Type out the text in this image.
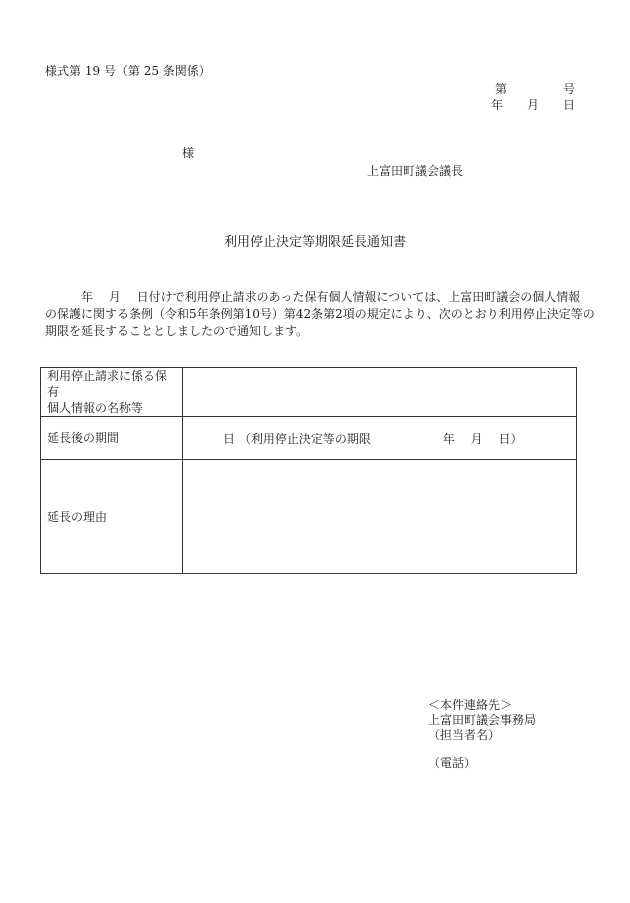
様式第 19 号（第 25 条関係）
第	号
年 月 日
様
上富田町議会議長
利用停止決定等期限延長通知書
　　　年　 月 　日付けで利用停止請求のあった保有個人情報については、上富田町議会の個人情報
の保護に関する条例（令和5年条例第10号）第42条第2項の規定により、次のとおり利用停止決定等の
期限を延長することとしましたので通知します。
利用停止請求に係る保有
個人情報の名称等	
延長後の期間	日 （利用停止決定等の期限　　　　　　年　 月　 日）
延長の理由	
＜本件連絡先＞
上富田町議会事務局
（担当者名）
（電話）
